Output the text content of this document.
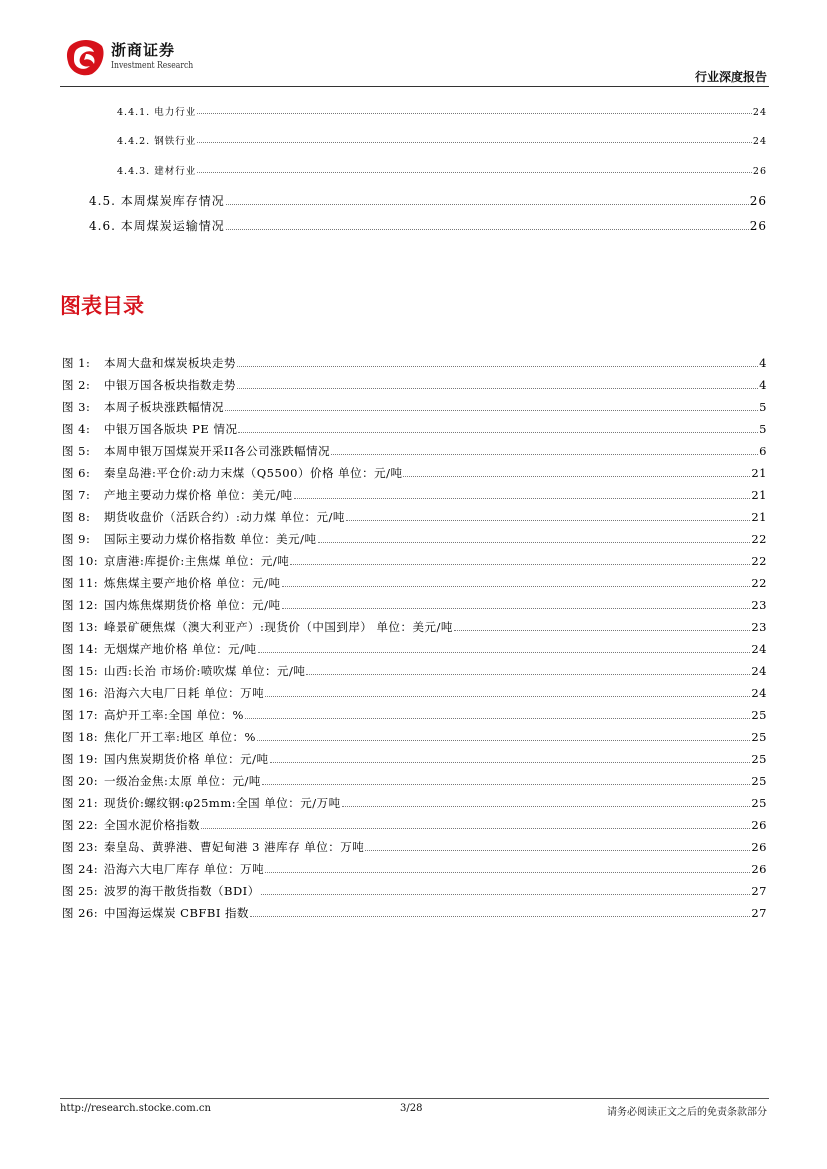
浙商证券
Investment Research
行业深度报告
4.4.1. 电力行业	24
4.4.2. 钢铁行业	24
4.4.3. 建材行业	26
4.5. 本周煤炭库存情况	26
4.6. 本周煤炭运输情况	26
图表目录
图 1: 本周大盘和煤炭板块走势	4
图 2: 中银万国各板块指数走势	4
图 3: 本周子板块涨跌幅情况	5
图 4: 中银万国各版块 PE 情况	5
图 5: 本周申银万国煤炭开采II各公司涨跌幅情况	6
图 6: 秦皇岛港:平仓价:动力末煤（Q5500）价格 单位：元/吨	21
图 7: 产地主要动力煤价格 单位：美元/吨	21
图 8: 期货收盘价（活跃合约）:动力煤 单位：元/吨	21
图 9: 国际主要动力煤价格指数 单位：美元/吨	22
图 10: 京唐港:库提价:主焦煤 单位：元/吨	22
图 11: 炼焦煤主要产地价格 单位：元/吨	22
图 12: 国内炼焦煤期货价格 单位：元/吨	23
图 13: 峰景矿硬焦煤（澳大利亚产）:现货价（中国到岸） 单位：美元/吨	23
图 14: 无烟煤产地价格 单位：元/吨	24
图 15: 山西:长治 市场价:喷吹煤 单位：元/吨	24
图 16: 沿海六大电厂日耗 单位：万吨	24
图 17: 高炉开工率:全国 单位：%	25
图 18: 焦化厂开工率:地区 单位：%	25
图 19: 国内焦炭期货价格 单位：元/吨	25
图 20: 一级冶金焦:太原 单位：元/吨	25
图 21: 现货价:螺纹钢:φ25mm:全国 单位：元/万吨	25
图 22: 全国水泥价格指数	26
图 23: 秦皇岛、黄骅港、曹妃甸港 3 港库存 单位：万吨	26
图 24: 沿海六大电厂库存 单位：万吨	26
图 25: 波罗的海干散货指数（BDI）	27
图 26: 中国海运煤炭 CBFBI 指数	27
http://research.stocke.com.cn	3/28	请务必阅读正文之后的免责条款部分
